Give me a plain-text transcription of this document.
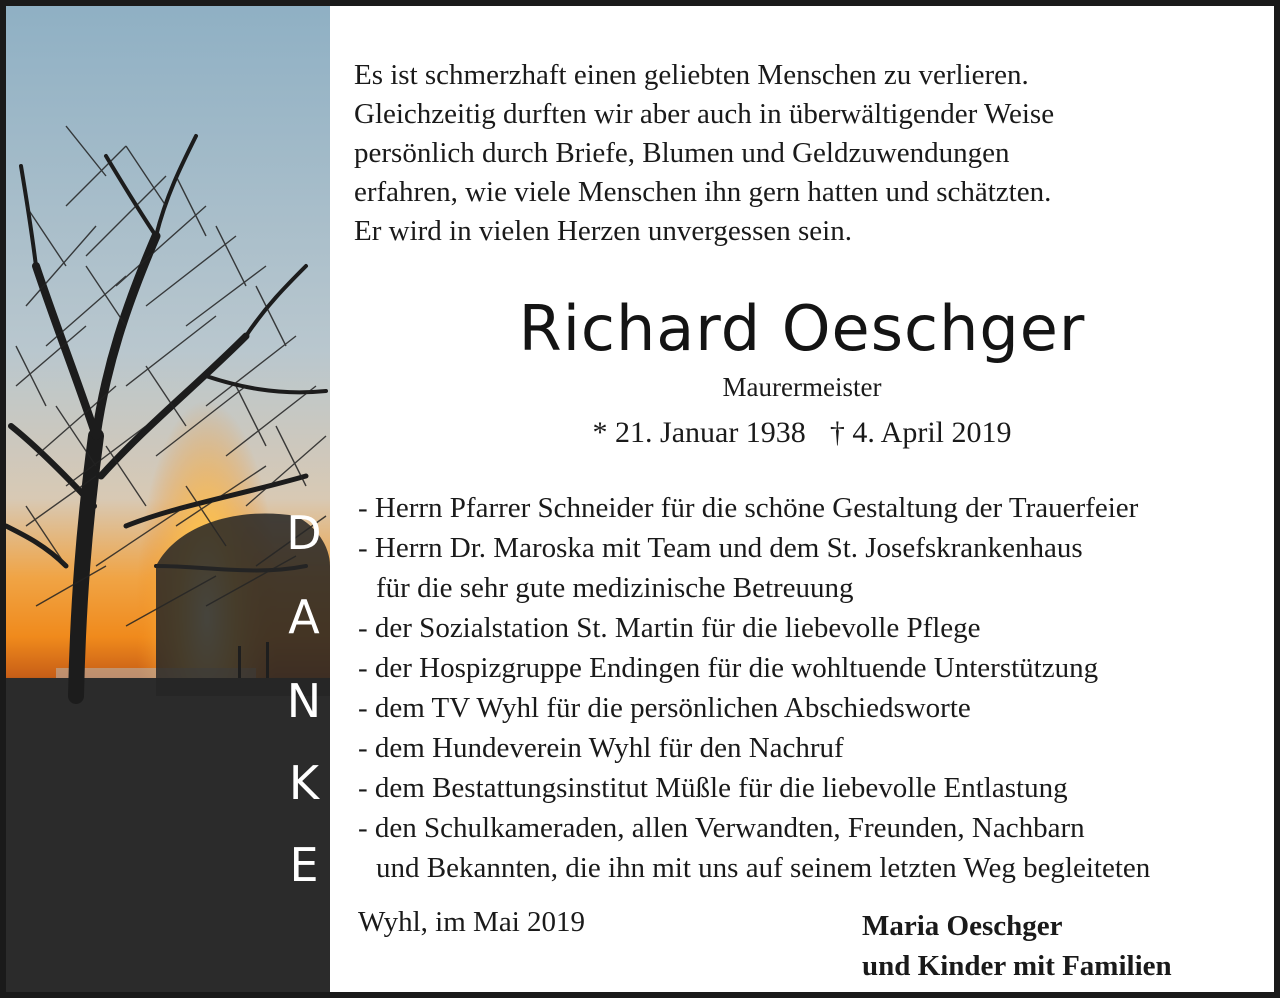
D
A
N
K
E

Es ist schmerzhaft einen geliebten Menschen zu verlieren.
Gleichzeitig durften wir aber auch in überwältigender Weise
persönlich durch Briefe, Blumen und Geldzuwendungen
erfahren, wie viele Menschen ihn gern hatten und schätzten.
Er wird in vielen Herzen unvergessen sein.

Richard Oeschger

Maurermeister

* 21. Januar 1938 † 4. April 2019

- Herrn Pfarrer Schneider für die schöne Gestaltung der Trauerfeier
- Herrn Dr. Maroska mit Team und dem St. Josefskrankenhaus
für die sehr gute medizinische Betreuung
- der Sozialstation St. Martin für die liebevolle Pflege
- der Hospizgruppe Endingen für die wohltuende Unterstützung
- dem TV Wyhl für die persönlichen Abschiedsworte
- dem Hundeverein Wyhl für den Nachruf
- dem Bestattungsinstitut Müßle für die liebevolle Entlastung
- den Schulkameraden, allen Verwandten, Freunden, Nachbarn
und Bekannten, die ihn mit uns auf seinem letzten Weg begleiteten

Wyhl, im Mai 2019	Maria Oeschger
und Kinder mit Familien
